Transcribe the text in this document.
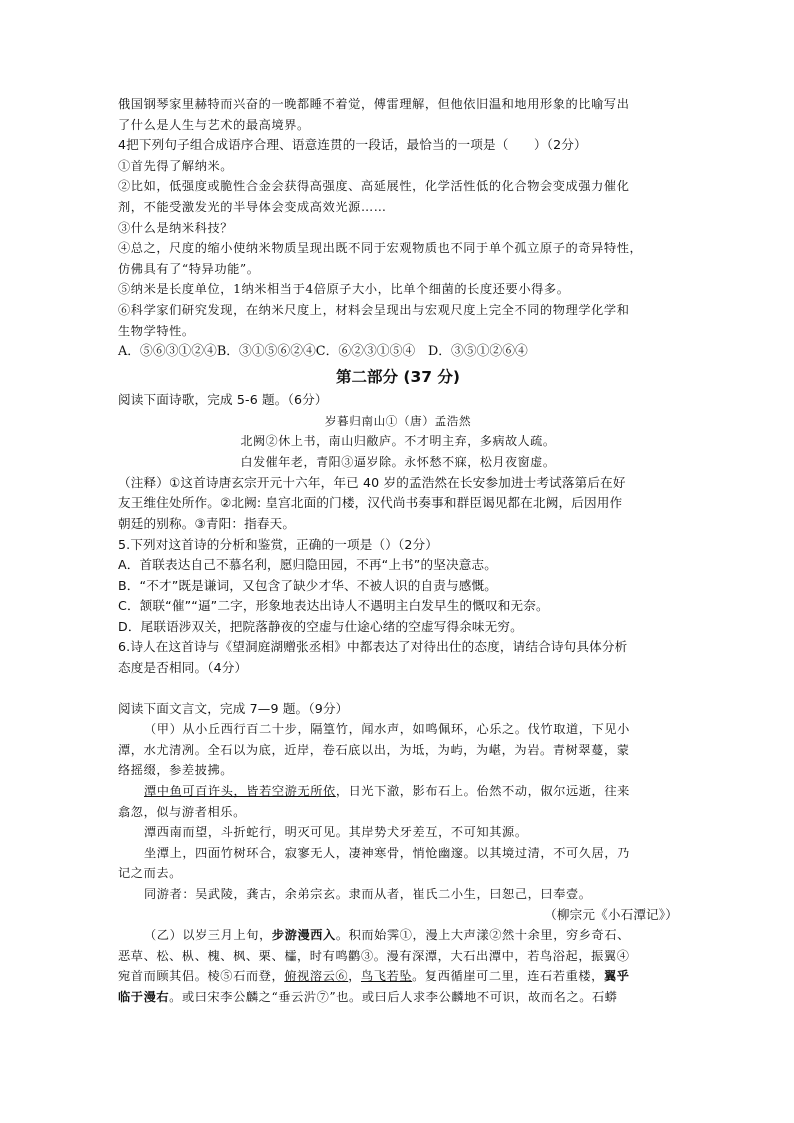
俄国钢琴家里赫特而兴奋的一晚都睡不着觉，傅雷理解，但他依旧温和地用形象的比喻写出
了什么是人生与艺术的最高境界。
4把下列句子组合成语序合理、语意连贯的一段话，最恰当的一项是（　　）（2分）
①首先得了解纳米。
②比如，低强度或脆性合金会获得高强度、高延展性，化学活性低的化合物会变成强力催化
剂，不能受激发光的半导体会变成高效光源……
③什么是纳米科技？
④总之，尺度的缩小使纳米物质呈现出既不同于宏观物质也不同于单个孤立原子的奇异特性，
仿佛具有了“特异功能”。
⑤纳米是长度单位，1纳米相当于4倍原子大小，比单个细菌的长度还要小得多。
⑥科学家们研究发现，在纳米尺度上，材料会呈现出与宏观尺度上完全不同的物理学化学和
生物学特性。
A．⑤⑥③①②④B．③①⑤⑥②④C．⑥②③①⑤④　D．③⑤①②⑥④
第二部分 (37 分)
阅读下面诗歌，完成 5-6 题。（6分）
岁暮归南山①（唐）孟浩然
北阙②休上书，南山归敝庐。不才明主弃，多病故人疏。
白发催年老，青阳③逼岁除。永怀愁不寐，松月夜窗虚。
（注释）①这首诗唐玄宗开元十六年，年已 40 岁的孟浩然在长安参加进士考试落第后在好
友王维住处所作。②北阙: 皇宫北面的门楼，汉代尚书奏事和群臣谒见都在北阙，后因用作
朝廷的别称。③青阳：指春天。
5.下列对这首诗的分析和鉴赏，正确的一项是（）（2分）
A．首联表达自己不慕名利，愿归隐田园，不再“上书”的坚决意志。
B．“不才”既是谦词，又包含了缺少才华、不被人识的自责与感慨。
C．颔联“催”“逼”二字，形象地表达出诗人不遇明主白发早生的慨叹和无奈。
D．尾联语涉双关，把院落静夜的空虚与仕途心绪的空虚写得余味无穷。
6.诗人在这首诗与《望洞庭湖赠张丞相》中都表达了对待出仕的态度，请结合诗句具体分析
态度是否相同。（4分）
阅读下面文言文，完成 7—9 题。（9分）
（甲）从小丘西行百二十步，隔篁竹，闻水声，如鸣佩环，心乐之。伐竹取道，下见小
潭，水尤清冽。全石以为底，近岸，卷石底以出，为坻，为屿，为嵁，为岩。青树翠蔓，蒙
络摇缀，参差披拂。
潭中鱼可百许头，皆若空游无所依，日光下澈，影布石上。佁然不动，俶尔远逝，往来
翕忽，似与游者相乐。
潭西南而望，斗折蛇行，明灭可见。其岸势犬牙差互，不可知其源。
坐潭上，四面竹树环合，寂寥无人，凄神寒骨，悄怆幽邃。以其境过清，不可久居，乃
记之而去。
同游者：吴武陵，龚古，余弟宗玄。隶而从者，崔氏二小生，曰恕己，曰奉壹。
（柳宗元《小石潭记》）
（乙）以岁三月上旬，步游漫西入。积而始霁①，漫上大声漾②然十余里，穷乡奇石、
恶草、松、枞、槐、枫、栗、櫺，时有鸣鹳③。漫有深潭，大石出潭中，若鸟浴起，振翼④
宛首而顾其侣。棱⑤石而登，俯视溶云⑥，鸟飞若坠。复西循崖可二里，连石若重楼，翼乎
临于漫右。或曰宋李公麟之“垂云沜⑦”也。或曰后人求李公麟地不可识，故而名之。石蟒
